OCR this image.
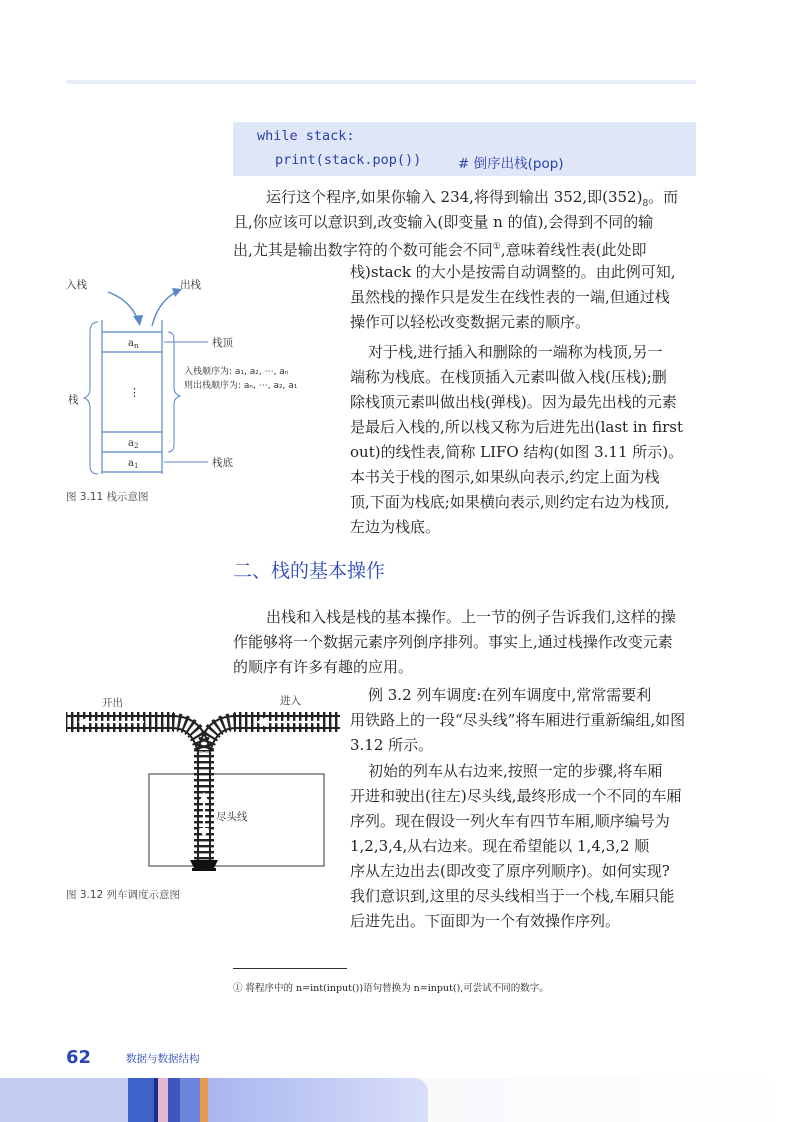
while stack:
print(stack.pop())	# 倒序出栈(pop)
运行这个程序,如果你输入 234,将得到输出 352,即$(352)_8$。而
且,你应该可以意识到,改变输入(即变量 n 的值),会得到不同的输
出,尤其是输出数字符的个数可能会不同①,意味着线性表(此处即
栈)stack 的大小是按需自动调整的。由此例可知,
虽然栈的操作只是发生在线性表的一端,但通过栈
操作可以轻松改变数据元素的顺序。
对于栈,进行插入和删除的一端称为栈顶,另一
端称为栈底。在栈顶插入元素叫做入栈(压栈);删
除栈顶元素叫做出栈(弹栈)。因为最先出栈的元素
是最后入栈的,所以栈又称为后进先出(last in first
out)的线性表,简称 LIFO 结构(如图 3.11 所示)。
本书关于栈的图示,如果纵向表示,约定上面为栈
顶,下面为栈底;如果横向表示,则约定右边为栈顶,
左边为栈底。
$a_n$
⋮
$a_2$
$a_1$
栈
栈顶
栈底
入栈	出栈
入栈顺序为: a₁, a₂, ⋯, aₙ
则出栈顺序为: aₙ, ⋯, a₂, a₁
图 3.11 栈示意图
二、栈的基本操作
出栈和入栈是栈的基本操作。上一节的例子告诉我们,这样的操
作能够将一个数据元素序列倒序排列。事实上,通过栈操作改变元素
的顺序有许多有趣的应用。
例 3.2 列车调度:在列车调度中,常常需要利
用铁路上的一段“尽头线”将车厢进行重新编组,如图
3.12 所示。
初始的列车从右边来,按照一定的步骤,将车厢
开进和驶出(往左)尽头线,最终形成一个不同的车厢
序列。现在假设一列火车有四节车厢,顺序编号为
1,2,3,4,从右边来。现在希望能以 1,4,3,2 顺
序从左边出去(即改变了原序列顺序)。如何实现?
我们意识到,这里的尽头线相当于一个栈,车厢只能
后进先出。下面即为一个有效操作序列。
开出	进入
尽头线
图 3.12 列车调度示意图
① 将程序中的 n=int(input())语句替换为 n=input(),可尝试不同的数字。
62	数据与数据结构
